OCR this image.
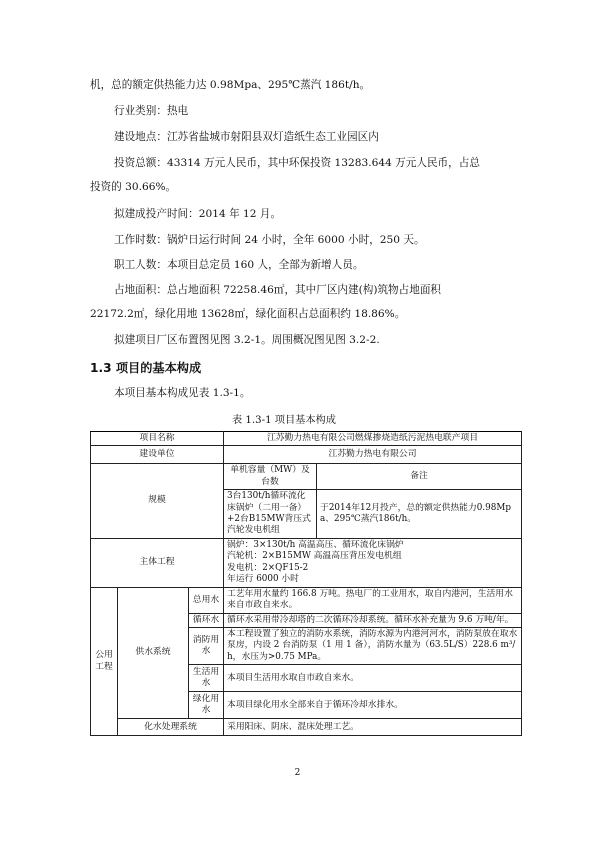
机，总的额定供热能力达 0.98Mpa、295℃蒸汽 186t/h。
行业类别：热电
建设地点：江苏省盐城市射阳县双灯造纸生态工业园区内
投资总额：43314 万元人民币，其中环保投资 13283.644 万元人民币，占总
投资的 30.66%。
拟建成投产时间：2014 年 12 月。
工作时数：锅炉日运行时间 24 小时，全年 6000 小时，250 天。
职工人数：本项目总定员 160 人，全部为新增人员。
占地面积：总占地面积 72258.46㎡，其中厂区内建(构)筑物占地面积
22172.2㎡，绿化用地 13628㎡，绿化面积占总面积约 18.86%。
拟建项目厂区布置图见图 3.2-1。周围概况图见图 3.2-2.
1.3 项目的基本构成
本项目基本构成见表 1.3-1。
表 1.3-1 项目基本构成
项目名称			江苏勤力热电有限公司燃煤掺烧造纸污泥热电联产项目	
建设单位			江苏勤力热电有限公司	
规模			单机容量（MW）及台数	备注
			3台130t/h循环流化床锅炉（二用一备）+2台B15MW背压式汽轮发电机组	于2014年12月投产，总的额定供热能力0.98Mpa、295℃蒸汽186t/h。
主体工程			锅炉：3×130t/h 高温高压、循环流化床锅炉
汽轮机：2×B15MW 高温高压背压发电机组
发电机：2×QF15-2
年运行 6000 小时	

公用工程	供水系统	总用水	工艺年用水量约 166.8 万吨。热电厂的工业用水，取自内港河，生活用水来自市政自来水。	
		循环水	循环水采用带冷却塔的二次循环冷却系统。循环水补充量为 9.6 万吨/年。	
		消防用水	本工程设置了独立的消防水系统，消防水源为内港河河水，消防泵放在取水泵房，内设 2 台消防泵（1 用 1 备），消防水量为（63.5L/S）228.6 m³/h，水压为>0.75 MPa。	
		生活用水	本项目生活用水取自市政自来水。	
		绿化用水	本项目绿化用水全部来自于循环冷却水排水。	
	化水处理系统		采用阳床、阴床、混床处理工艺。	
2
